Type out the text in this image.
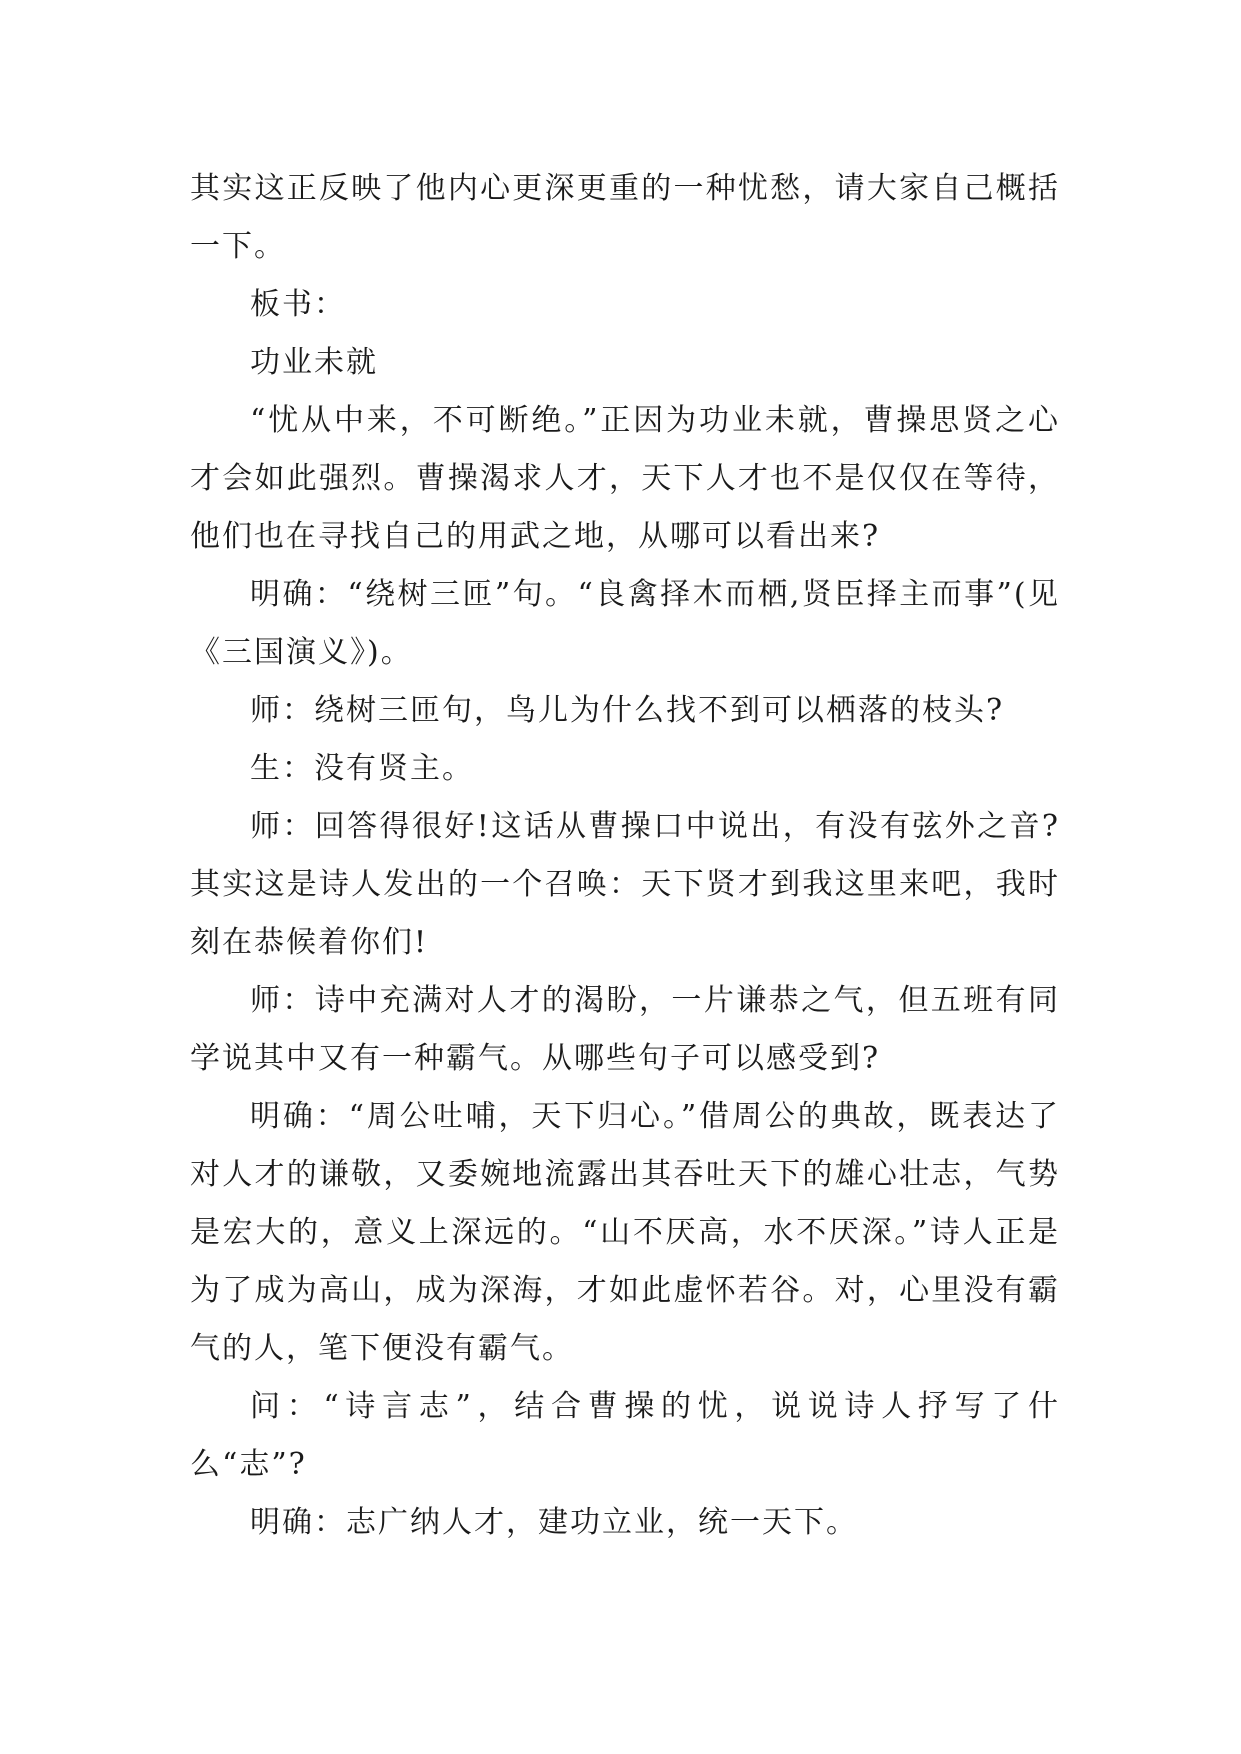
其实这正反映了他内心更深更重的一种忧愁，请大家自己概括一下。

板书：

功业未就

“忧从中来，不可断绝。”正因为功业未就，曹操思贤之心才会如此强烈。曹操渴求人才，天下人才也不是仅仅在等待，他们也在寻找自己的用武之地，从哪可以看出来?

明确：“绕树三匝”句。“良禽择木而栖,贤臣择主而事”(见《三国演义》)。

师：绕树三匝句，鸟儿为什么找不到可以栖落的枝头?

生：没有贤主。

师：回答得很好!这话从曹操口中说出，有没有弦外之音?其实这是诗人发出的一个召唤：天下贤才到我这里来吧，我时刻在恭候着你们!

师：诗中充满对人才的渴盼，一片谦恭之气，但五班有同学说其中又有一种霸气。从哪些句子可以感受到?

明确：“周公吐哺，天下归心。”借周公的典故，既表达了对人才的谦敬，又委婉地流露出其吞吐天下的雄心壮志，气势是宏大的，意义上深远的。“山不厌高，水不厌深。”诗人正是为了成为高山，成为深海，才如此虚怀若谷。对，心里没有霸气的人，笔下便没有霸气。

问：“诗言志”，结合曹操的忧，说说诗人抒写了什么“志”?

明确：志广纳人才，建功立业，统一天下。
